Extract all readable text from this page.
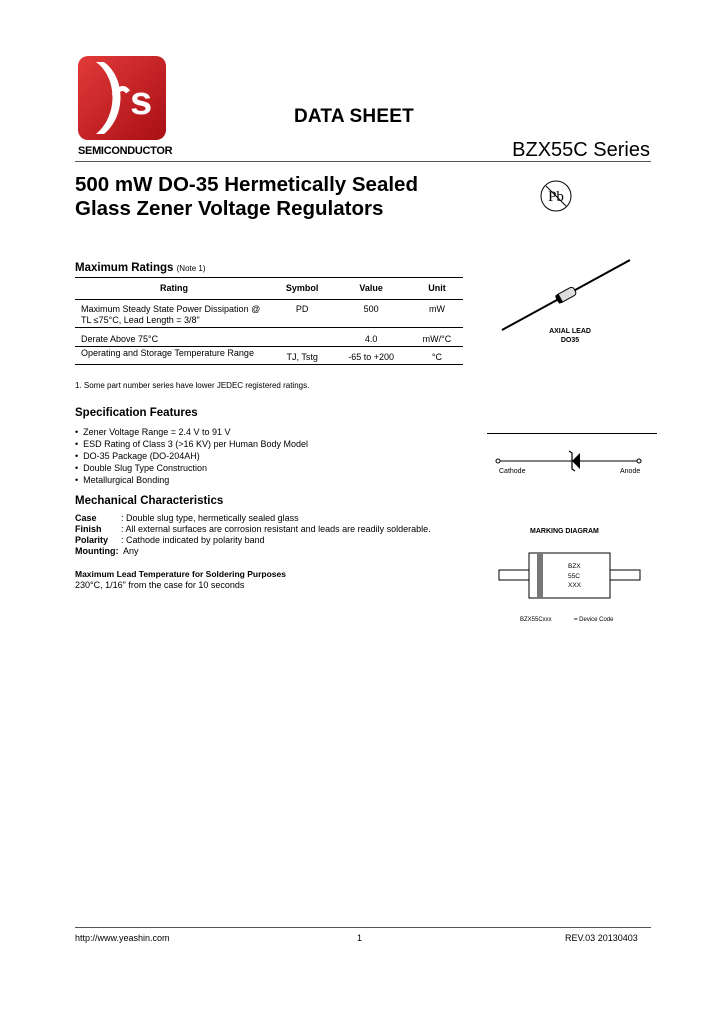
s
SEMICONDUCTOR
DATA SHEET
BZX55C Series
500 mW DO-35 Hermetically Sealed Glass Zener Voltage Regulators	Pb
Maximum Ratings (Note 1)
Rating	Symbol	Value	Unit
Maximum Steady State Power Dissipation @ TL ≤75°C, Lead Length = 3/8"	PD	500	mW
Derate Above 75°C		4.0	mW/°C
Operating and Storage Temperature Range	TJ, Tstg	-65 to +200	°C
1. Some part number series have lower JEDEC registered ratings.
Specification Features
• Zener Voltage Range = 2.4 V to 91 V
• ESD Rating of Class 3 (>16 KV) per Human Body Model
• DO-35 Package (DO-204AH)
• Double Slug Type Construction
• Metallurgical Bonding
Mechanical Characteristics
Case	: Double slug type, hermetically sealed glass
Finish : All external surfaces are corrosion resistant and leads are readily solderable.
Polarity : Cathode indicated by polarity band
Mounting: Any
Maximum Lead Temperature for Soldering Purposes
230°C, 1/16" from the case for 10 seconds
AXIAL LEAD
DO35
Cathode	Anode
MARKING DIAGRAM
BZX
55C
XXX
BZX55Cxxx	= Device Code
http://www.yeashin.com	1	REV.03 20130403
